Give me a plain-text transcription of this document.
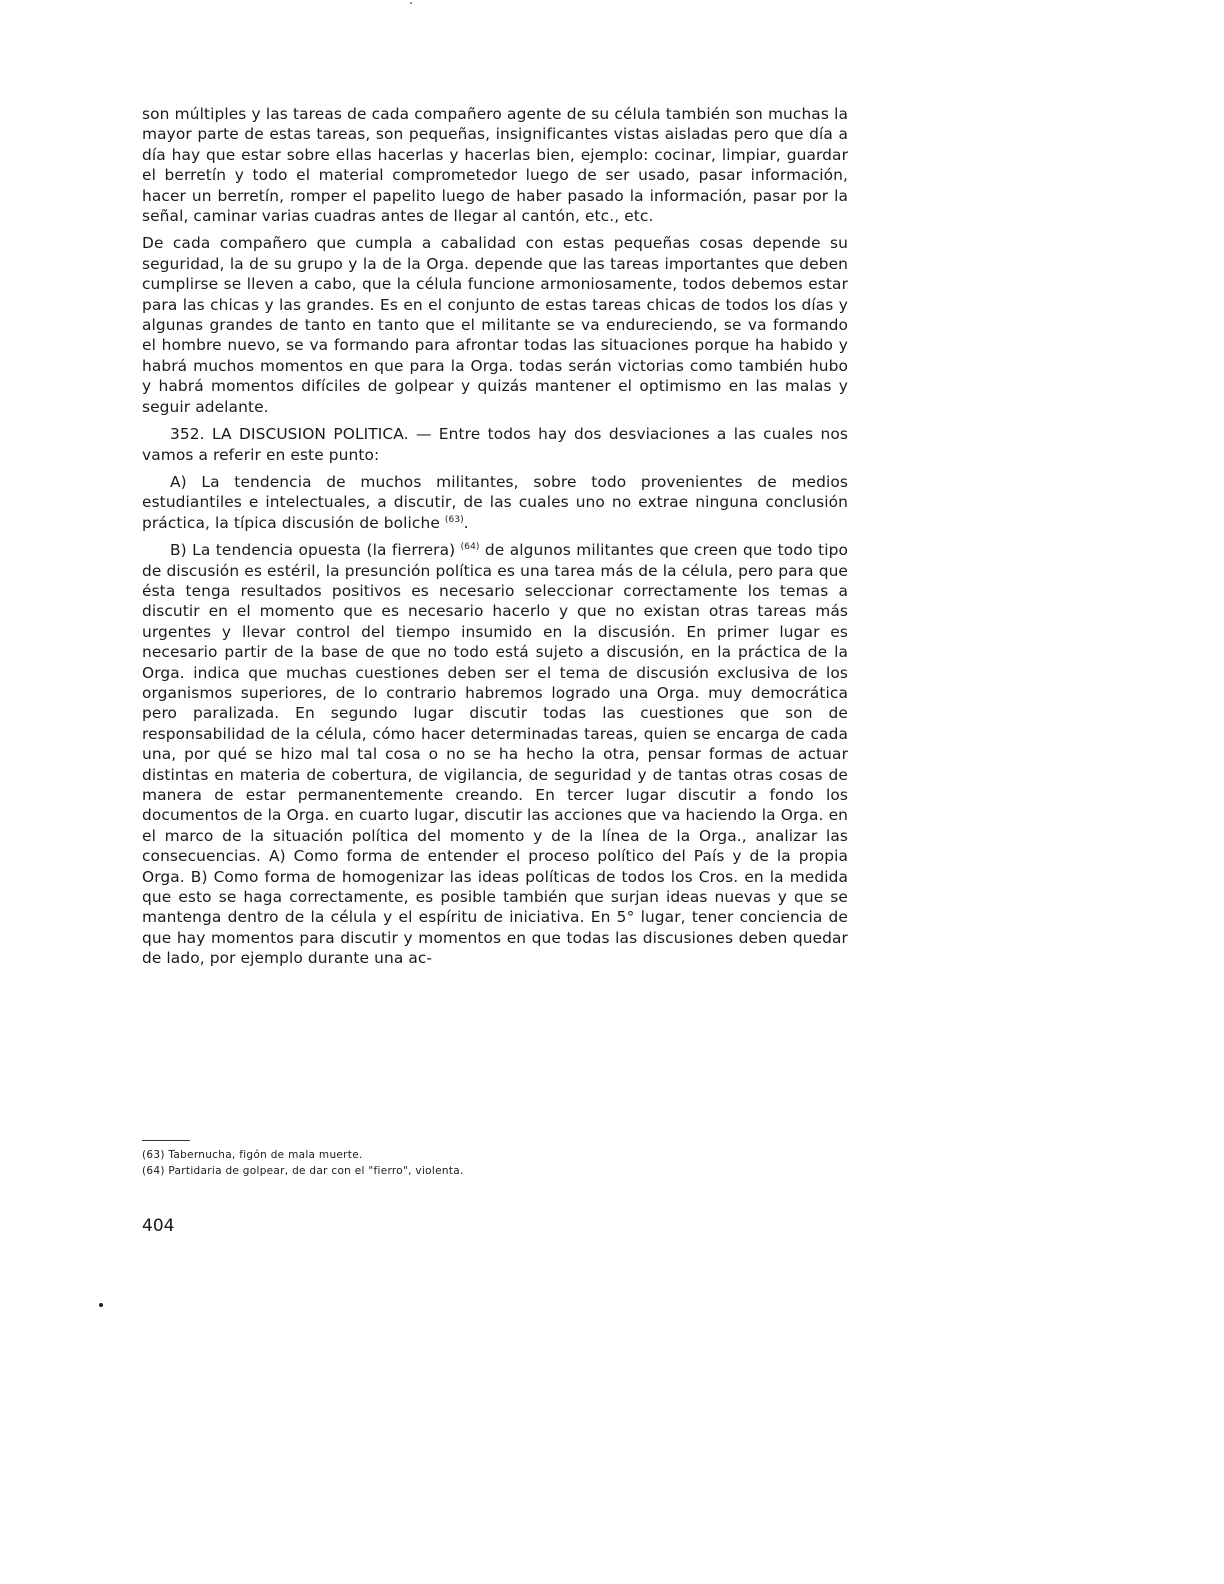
son múltiples y las tareas de cada compañero agente de su célula también son muchas la mayor parte de estas tareas, son pequeñas, insignificantes vistas aisladas pero que día a día hay que estar sobre ellas hacerlas y hacerlas bien, ejemplo: cocinar, limpiar, guardar el berretín y todo el material comprometedor luego de ser usado, pasar información, hacer un berretín, romper el papelito luego de haber pasado la información, pasar por la señal, caminar varias cuadras antes de llegar al cantón, etc., etc.

De cada compañero que cumpla a cabalidad con estas pequeñas cosas depende su seguridad, la de su grupo y la de la Orga. depende que las tareas importantes que deben cumplirse se lleven a cabo, que la célula funcione armoniosamente, todos debemos estar para las chicas y las grandes. Es en el conjunto de estas tareas chicas de todos los días y algunas grandes de tanto en tanto que el militante se va endureciendo, se va formando el hombre nuevo, se va formando para afrontar todas las situaciones porque ha habido y habrá muchos momentos en que para la Orga. todas serán victorias como también hubo y habrá momentos difíciles de golpear y quizás mantener el optimismo en las malas y seguir adelante.

352. LA DISCUSION POLITICA. — Entre todos hay dos desviaciones a las cuales nos vamos a referir en este punto:

A) La tendencia de muchos militantes, sobre todo provenientes de medios estudiantiles e intelectuales, a discutir, de las cuales uno no extrae ninguna conclusión práctica, la típica discusión de boliche $^{(63)}$.

B) La tendencia opuesta (la fierrera) $^{(64)}$ de algunos militantes que creen que todo tipo de discusión es estéril, la presunción política es una tarea más de la célula, pero para que ésta tenga resultados positivos es necesario seleccionar correctamente los temas a discutir en el momento que es necesario hacerlo y que no existan otras tareas más urgentes y llevar control del tiempo insumido en la discusión. En primer lugar es necesario partir de la base de que no todo está sujeto a discusión, en la práctica de la Orga. indica que muchas cuestiones deben ser el tema de discusión exclusiva de los organismos superiores, de lo contrario habremos logrado una Orga. muy democrática pero paralizada. En segundo lugar discutir todas las cuestiones que son de responsabilidad de la célula, cómo hacer determinadas tareas, quien se encarga de cada una, por qué se hizo mal tal cosa o no se ha hecho la otra, pensar formas de actuar distintas en materia de cobertura, de vigilancia, de seguridad y de tantas otras cosas de manera de estar permanentemente creando. En tercer lugar discutir a fondo los documentos de la Orga. en cuarto lugar, discutir las acciones que va haciendo la Orga. en el marco de la situación política del momento y de la línea de la Orga., analizar las consecuencias. A) Como forma de entender el proceso político del País y de la propia Orga. B) Como forma de homogenizar las ideas políticas de todos los Cros. en la medida que esto se haga correctamente, es posible también que surjan ideas nuevas y que se mantenga dentro de la célula y el espíritu de iniciativa. En 5° lugar, tener conciencia de que hay momentos para discutir y momentos en que todas las discusiones deben quedar de lado, por ejemplo durante una ac-

(63) Tabernucha, figón de mala muerte.

(64) Partidaria de golpear, de dar con el "fierro", violenta.

404
